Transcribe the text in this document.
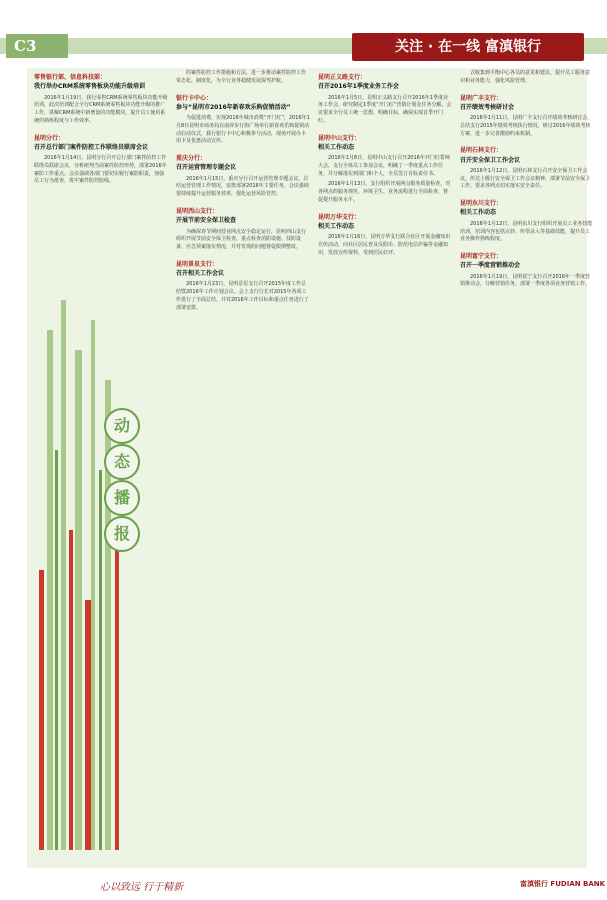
C3	关注 · 在一线 富滇银行
动
态
播
报
零售银行部、信息科技部：
我行举办CRM系统零售板块功能升级培训

2016年1月19日，我行零售CRM系统零售板块功能升级培训，此次培训配合全行CRM系统零售板块功能升级的推广工作，讲解CRM系统中新增设的功能模块，提升员工使用系统的熟练程度与工作效率。

昆明分行：
召开总行部门案件防控工作联络员联席会议

2016年1月14日，昆明分行召开总行部门案件防控工作联络员联席会议，分析研判当前案件防控形势，部署2016年案防工作重点。会议强调各部门要切实履行案防职责，加强员工行为排查，筑牢案件防控防线。

的案件防控工作措施和方法，进一步推动案件防控工作常态化、制度化，为全行业务稳健发展保驾护航。

银行卡中心：
参与“昆明市2016年新春欢乐购促销活动”

为促进消费，实现2016年城市消费“开门红”，2016年1月8日昆明市商务局在南屏步行街广场举行新春欢乐购促销活动启动仪式，我行银行卡中心积极参与活动，现场开展办卡用卡及优惠活动宣传。

重庆分行：
召开运营管理专题会议

2016年1月15日，重庆分行召开运营管理专题会议，总结运营管理工作情况，安排部署2016年主要任务。会议强调要持续提升运营服务效率，强化运营风险管控。

昆明西山支行：
开展节前安全保卫检查

为确保春节期间营业网点安全稳定运行，昆明西山支行组织开展节前安全保卫检查，重点检查消防设施、技防设备、应急预案落实情况，并对发现的问题督促限期整改。

昆明景星支行：
召开相关工作会议

2016年1月23日，昆明景星支行召开2015年度工作总结暨2016年工作计划会议。会上支行行长对2015年各项工作进行了全面总结，并对2016年工作目标和重点任务进行了部署安排。

昆明正义路支行：
召开2016年1季度业务工作会

2016年1月5日，昆明正义路支行召开2016年1季度业务工作会，研究制定1季度“开门红”营销计划及任务分解。会议要求全行员工统一思想，明确目标，确保实现首季开门红。

昆明中山支行：
相关工作动态

2016年1月8日，昆明中山支行召开2016年开门红誓师大会。支行全体员工参加会议，明确了一季度重点工作任务，并分解落实到部门和个人，全员签订目标责任书。

2016年1月13日，支行组织开展网点服务质量检查，对各网点的服务规范、环境卫生、业务流程进行全面检查，督促提升服务水平。

昆明万华支行：
相关工作动态

2016年1月16日，昆明万华支行联合社区开展金融知识宣传活动，向社区居民普及反假币、防范电信诈骗等金融知识，发放宣传资料，受到居民好评。

式收集到平衡中心各员的意见和建议，提升员工服务意识和业务能力，强化风险管理。

昆明广丰支行：
召开绩效考核研讨会

2016年1月11日，昆明广丰支行召开绩效考核研讨会，总结支行2015年绩效考核执行情况，研讨2016年绩效考核方案，进一步完善激励约束机制。

昆明石林支行：
召开安全保卫工作会议

2016年1月12日，昆明石林支行召开安全保卫工作会议，传达上级行安全保卫工作会议精神，部署节前安全保卫工作，要求各网点切实落实安全责任。

昆明东川支行：
相关工作动态

2016年1月12日，昆明东川支行组织开展员工业务技能培训，培训内容包括点钞、传票录入等基础技能，提升员工业务操作熟练程度。

昆明富宁支行：
召开一季度营销推动会

2016年1月19日，昆明富宁支行召开2016年一季度营销推动会，分解营销任务，部署一季度各项业务营销工作。

心以致远 行于精新	富滇银行 FUDIAN BANK
